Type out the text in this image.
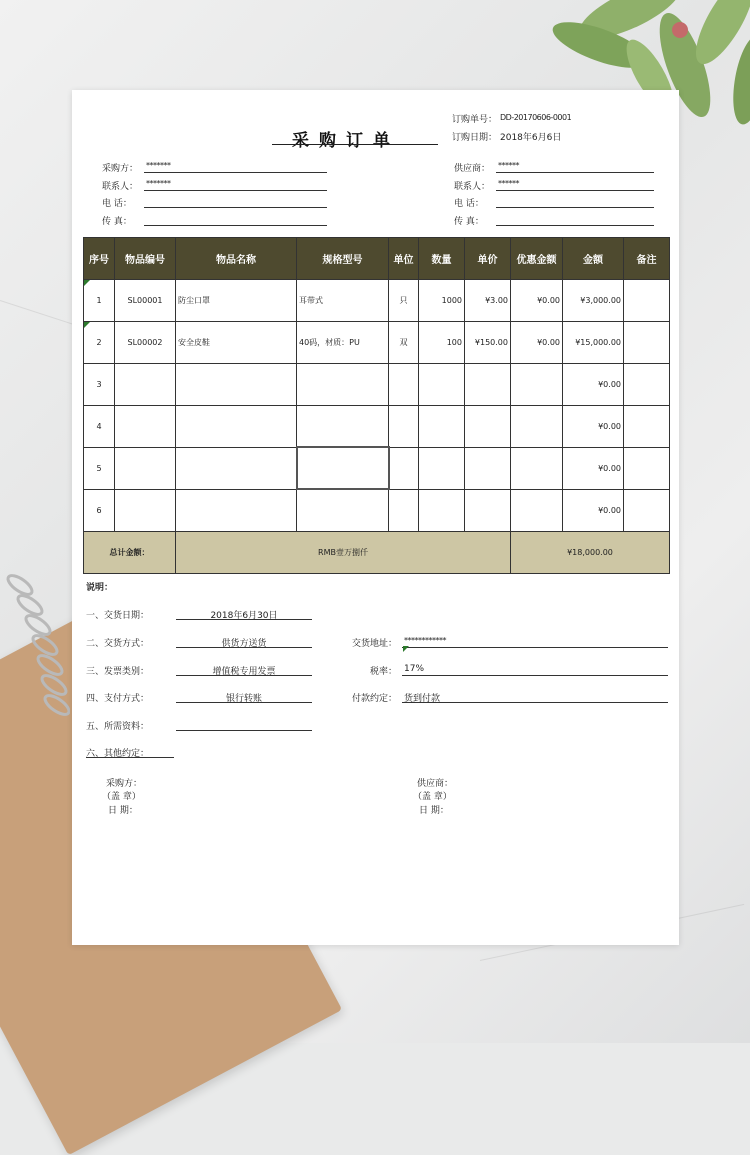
采购订单
订购单号： DD-20170606-0001
订购日期： 2018年6月6日
采购方： *******
联系人： *******
电 话：
传 真：
供应商： ******
联系人： ******
电 话：
传 真：
序号	物品编号	物品名称	规格型号	单位	数量	单价	优惠金额	金额	备注
1	SL00001	防尘口罩	耳带式	只	1000	¥3.00	¥0.00	¥3,000.00	
2	SL00002	安全皮鞋	40码，材质：PU	双	100	¥150.00	¥0.00	¥15,000.00	
3								¥0.00	
4								¥0.00	
5								¥0.00	
6								¥0.00	
总计金额：		RMB壹万捌仟					¥18,000.00		
说明：
一、交货日期：	2018年6月30日
二、交货方式：	供货方送货	交货地址： ************
三、发票类别：	增值税专用发票	税率： 17%
四、支付方式：	银行转账	付款约定： 货到付款
五、所需资料：
六、其他约定：
采购方：
（盖 章）
日 期：
供应商：
（盖 章）
日 期：
